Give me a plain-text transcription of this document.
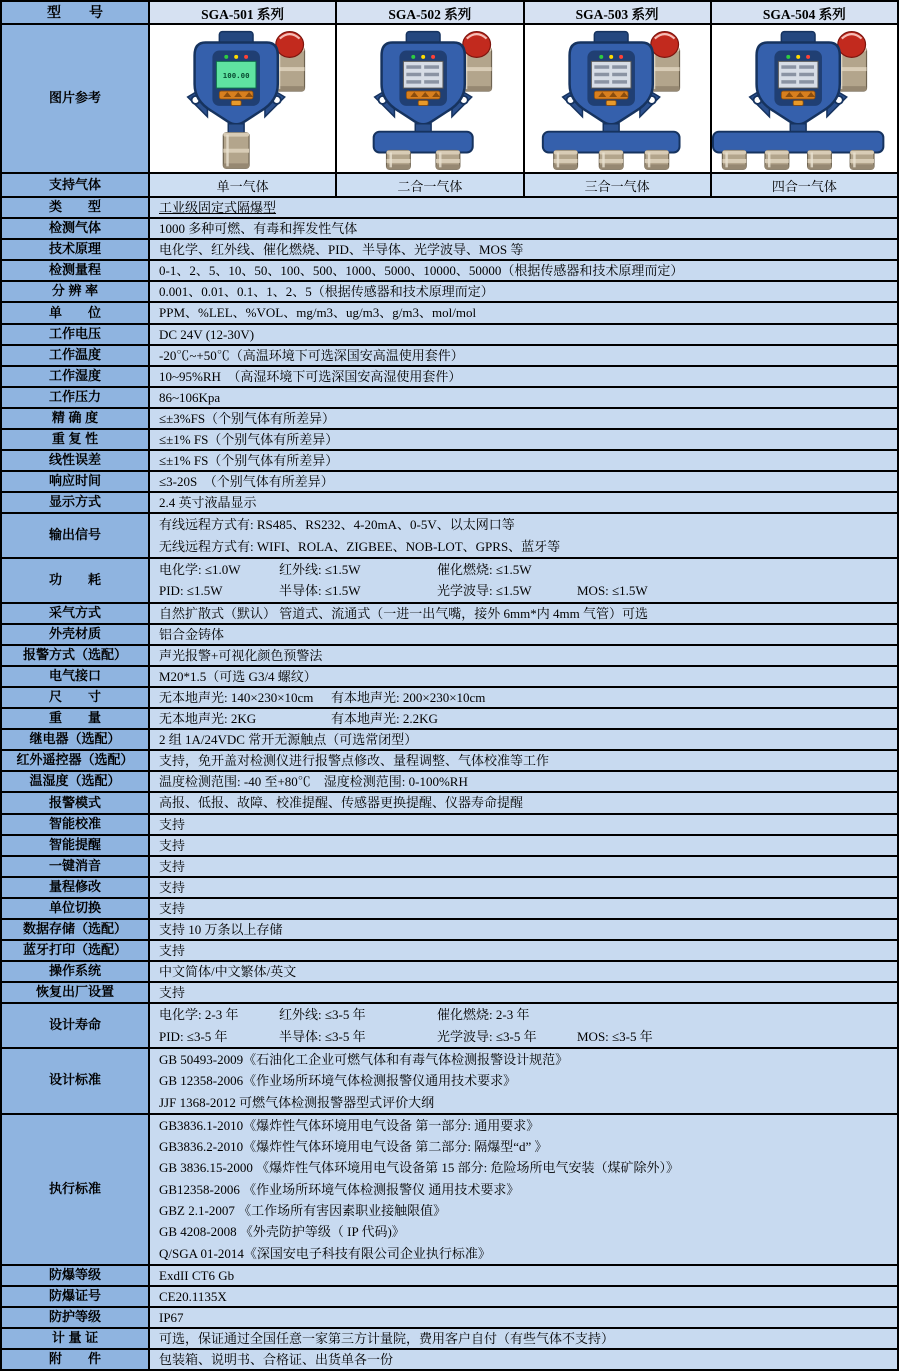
型　　号	SGA-501 系列	SGA-502 系列	SGA-503 系列	SGA-504 系列
图片参考
100.00
支持气体	单一气体	二合一气体	三合一气体	四合一气体
类　　型	工业级固定式隔爆型
检测气体	1000 多种可燃、有毒和挥发性气体
技术原理	电化学、红外线、催化燃烧、PID、半导体、光学波导、MOS 等
检测量程	0-1、2、5、10、50、100、500、1000、5000、10000、50000（根据传感器和技术原理而定）
分 辨 率	0.001、0.01、0.1、1、2、5（根据传感器和技术原理而定）
单　　位	PPM、%LEL、%VOL、mg/m3、ug/m3、g/m3、mol/mol
工作电压	DC 24V (12-30V)
工作温度	-20℃~+50℃（高温环境下可选深国安高温使用套件）
工作湿度	10~95%RH　（高湿环境下可选深国安高湿使用套件）
工作压力	86~106Kpa
精 确 度	≤±3%FS（个别气体有所差异）
重 复 性	≤±1% FS（个别气体有所差异）
线性误差	≤±1% FS（个别气体有所差异）
响应时间	≤3-20S　（个别气体有所差异）
显示方式	2.4 英寸液晶显示
输出信号
有线远程方式有: RS485、RS232、4-20mA、0-5V、以太网口等
无线远程方式有: WIFI、ROLA、ZIGBEE、NOB-LOT、GPRS、蓝牙等
功　　耗
电化学: ≤1.0W	红外线: ≤1.5W	催化燃烧: ≤1.5W
PID: ≤1.5W	半导体: ≤1.5W	光学波导: ≤1.5W	MOS: ≤1.5W
采气方式	自然扩散式（默认） 管道式、流通式（一进一出气嘴，接外 6mm*内 4mm 气管）可选
外壳材质	铝合金铸体
报警方式（选配）	声光报警+可视化颜色预警法
电气接口	M20*1.5（可选 G3/4 螺纹）
尺　　寸	无本地声光: 140×230×10cm	有本地声光: 200×230×10cm
重　　量	无本地声光: 2KG	有本地声光: 2.2KG
继电器（选配）	2 组 1A/24VDC 常开无源触点（可选常闭型）
红外遥控器（选配）	支持，免开盖对检测仪进行报警点修改、量程调整、气体校准等工作
温湿度（选配）	温度检测范围: -40 至+80℃　湿度检测范围: 0-100%RH
报警模式	高报、低报、故障、校准提醒、传感器更换提醒、仪器寿命提醒
智能校准	支持
智能提醒	支持
一键消音	支持
量程修改	支持
单位切换	支持
数据存储（选配）	支持 10 万条以上存储
蓝牙打印（选配）	支持
操作系统	中文简体/中文繁体/英文
恢复出厂设置	支持
设计寿命
电化学: 2-3 年	红外线: ≤3-5 年	催化燃烧: 2-3 年
PID: ≤3-5 年	半导体: ≤3-5 年	光学波导: ≤3-5 年	MOS: ≤3-5 年
设计标准
GB 50493-2009《石油化工企业可燃气体和有毒气体检测报警设计规范》
GB 12358-2006《作业场所环境气体检测报警仪通用技术要求》
JJF 1368-2012 可燃气体检测报警器型式评价大纲
执行标准
GB3836.1-2010《爆炸性气体环境用电气设备 第一部分: 通用要求》
GB3836.2-2010《爆炸性气体环境用电气设备 第二部分: 隔爆型“d” 》
GB 3836.15-2000 《爆炸性气体环境用电气设备第 15 部分: 危险场所电气安装（煤矿除外）》
GB12358-2006 《作业场所环境气体检测报警仪 通用技术要求》
GBZ 2.1-2007 《工作场所有害因素职业接触限值》
GB 4208-2008 《外壳防护等级（ IP 代码)》
Q/SGA 01-2014《深国安电子科技有限公司企业执行标准》
防爆等级	ExdII CT6 Gb
防爆证号	CE20.1135X
防护等级	IP67
计 量 证	可选，保证通过全国任意一家第三方计量院，费用客户自付（有些气体不支持）
附　　件	包装箱、说明书、合格证、出货单各一份
